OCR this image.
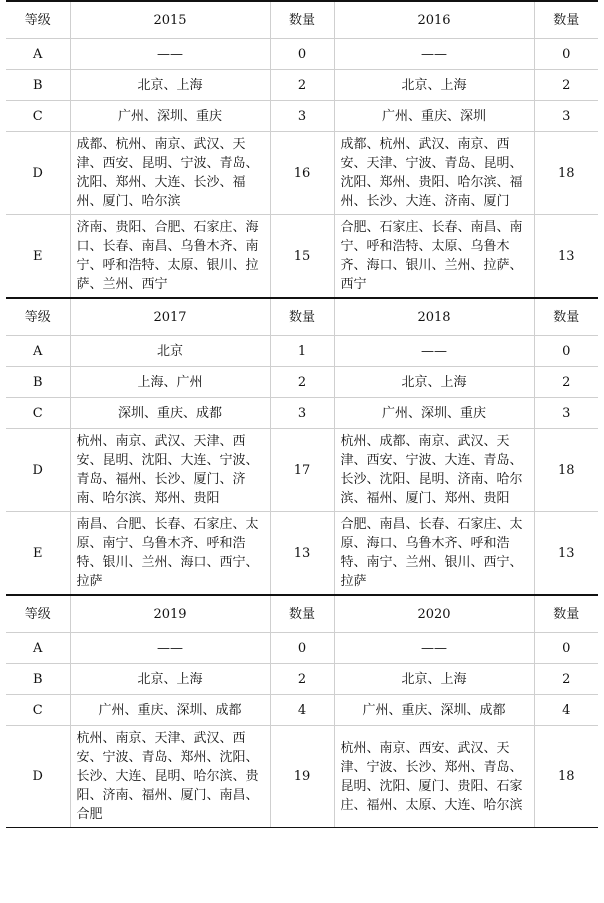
等级	2015	数量	2016	数量
A	——	0	——	0
B	北京、上海	2	北京、上海	2
C	广州、深圳、重庆	3	广州、重庆、深圳	3
D	成都、杭州、南京、武汉、天津、西安、昆明、宁波、青岛、沈阳、郑州、大连、长沙、福州、厦门、哈尔滨	16	成都、杭州、武汉、南京、西安、天津、宁波、青岛、昆明、沈阳、郑州、贵阳、哈尔滨、福州、长沙、大连、济南、厦门	18
E	济南、贵阳、合肥、石家庄、海口、长春、南昌、乌鲁木齐、南宁、呼和浩特、太原、银川、拉萨、兰州、西宁	15	合肥、石家庄、长春、南昌、南宁、呼和浩特、太原、乌鲁木齐、海口、银川、兰州、拉萨、西宁	13
等级	2017	数量	2018	数量
A	北京	1	——	0
B	上海、广州	2	北京、上海	2
C	深圳、重庆、成都	3	广州、深圳、重庆	3
D	杭州、南京、武汉、天津、西安、昆明、沈阳、大连、宁波、青岛、福州、长沙、厦门、济南、哈尔滨、郑州、贵阳	17	杭州、成都、南京、武汉、天津、西安、宁波、大连、青岛、长沙、沈阳、昆明、济南、哈尔滨、福州、厦门、郑州、贵阳	18
E	南昌、合肥、长春、石家庄、太原、南宁、乌鲁木齐、呼和浩特、银川、兰州、海口、西宁、拉萨	13	合肥、南昌、长春、石家庄、太原、海口、乌鲁木齐、呼和浩特、南宁、兰州、银川、西宁、拉萨	13
等级	2019	数量	2020	数量
A	——	0	——	0
B	北京、上海	2	北京、上海	2
C	广州、重庆、深圳、成都	4	广州、重庆、深圳、成都	4
D	杭州、南京、天津、武汉、西安、宁波、青岛、郑州、沈阳、长沙、大连、昆明、哈尔滨、贵阳、济南、福州、厦门、南昌、合肥	19	杭州、南京、西安、武汉、天津、宁波、长沙、郑州、青岛、昆明、沈阳、厦门、贵阳、石家庄、福州、太原、大连、哈尔滨	18
